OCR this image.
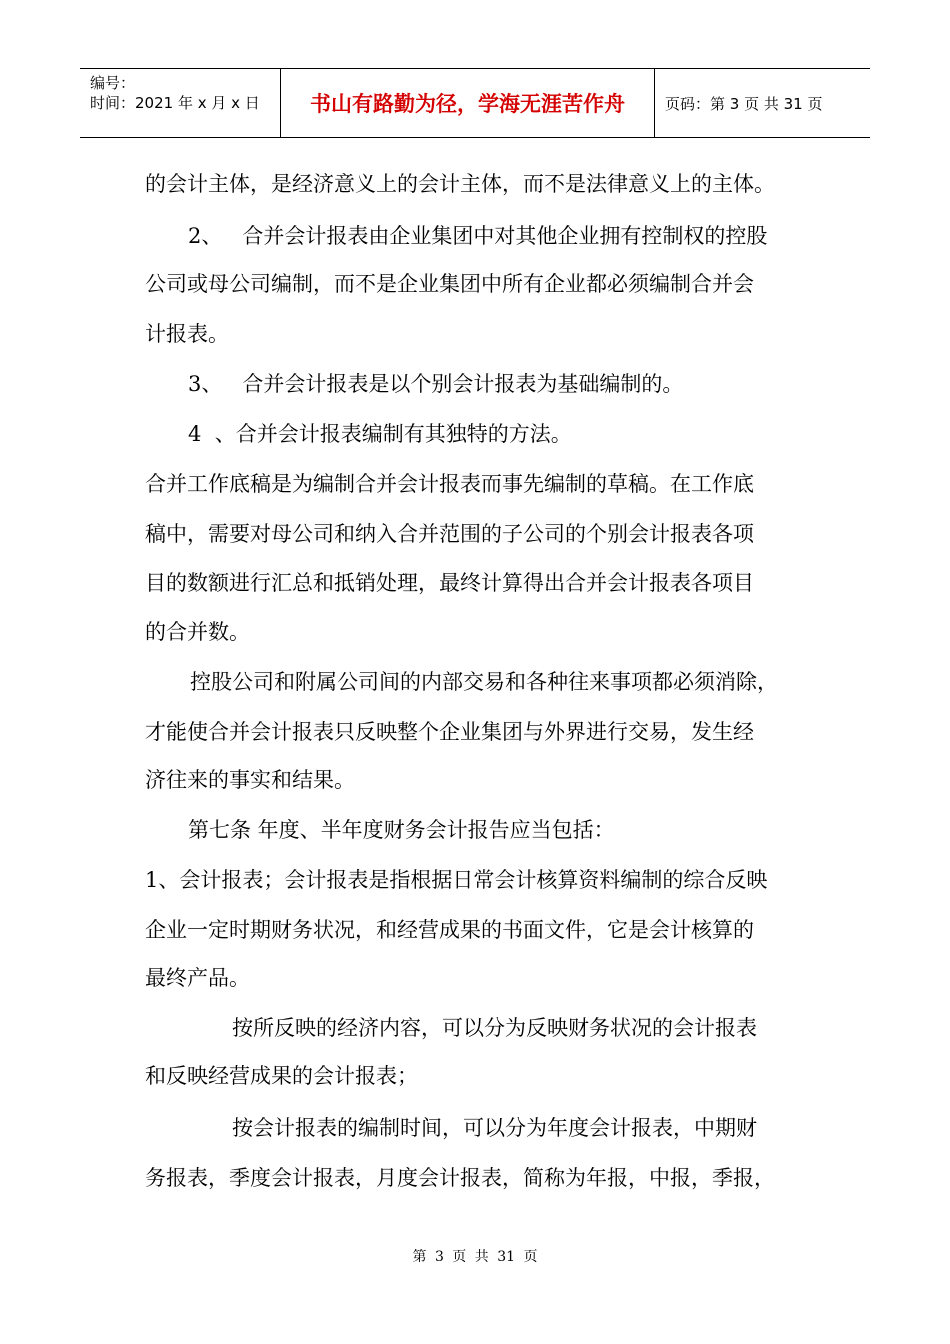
编号：
时间：2021 年 x 月 x 日 书山有路勤为径，学海无涯苦作舟	页码：第 3 页 共 31 页
的会计主体，是经济意义上的会计主体，而不是法律意义上的主体。
2、   合并会计报表由企业集团中对其他企业拥有控制权的控股
公司或母公司编制，而不是企业集团中所有企业都必须编制合并会
计报表。
3、   合并会计报表是以个别会计报表为基础编制的。
4  、合并会计报表编制有其独特的方法。
合并工作底稿是为编制合并会计报表而事先编制的草稿。在工作底
稿中，需要对母公司和纳入合并范围的子公司的个别会计报表各项
目的数额进行汇总和抵销处理，最终计算得出合并会计报表各项目
的合并数。
控股公司和附属公司间的内部交易和各种往来事项都必须消除，
才能使合并会计报表只反映整个企业集团与外界进行交易，发生经
济往来的事实和结果。
第七条 年度、半年度财务会计报告应当包括：
1、会计报表；会计报表是指根据日常会计核算资料编制的综合反映
企业一定时期财务状况，和经营成果的书面文件，它是会计核算的
最终产品。
按所反映的经济内容，可以分为反映财务状况的会计报表
和反映经营成果的会计报表；
按会计报表的编制时间，可以分为年度会计报表，中期财
务报表，季度会计报表，月度会计报表，简称为年报，中报，季报，
第 3 页 共 31 页
